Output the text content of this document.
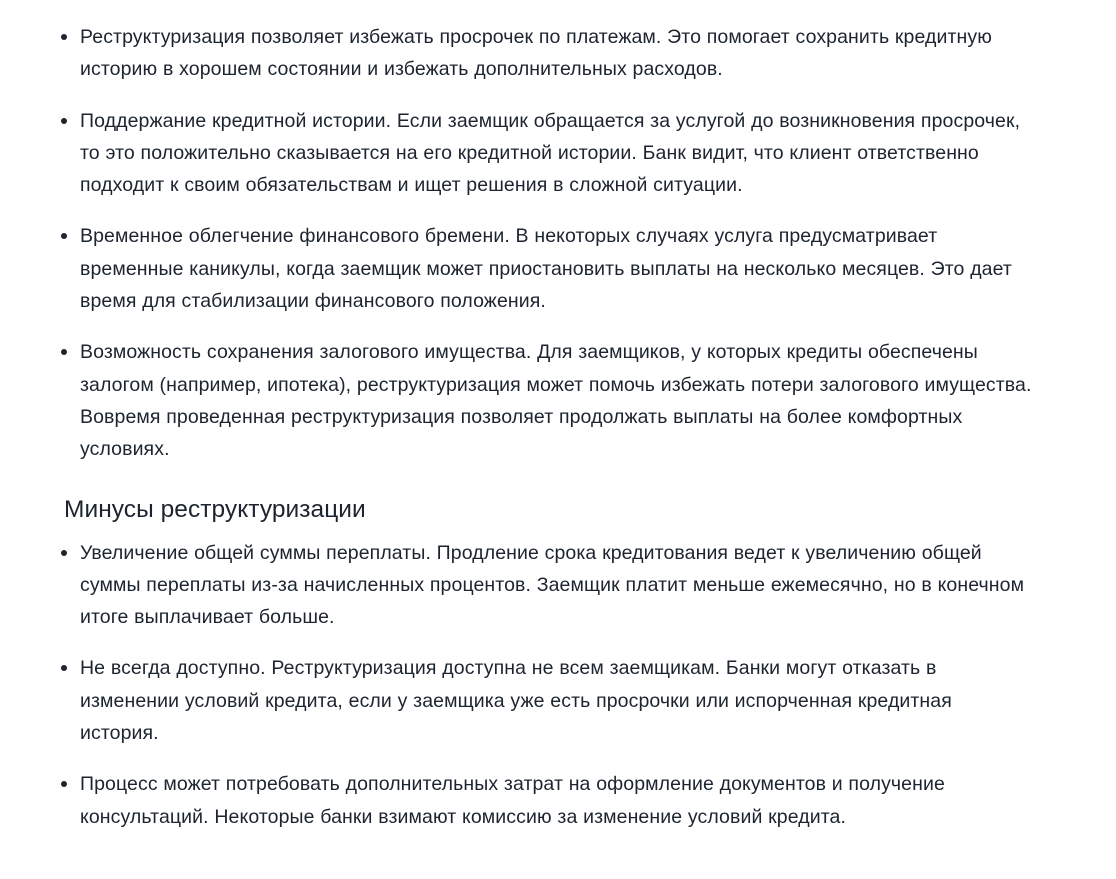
Реструктуризация позволяет избежать просрочек по платежам. Это помогает сохранить кредитную историю в хорошем состоянии и избежать дополнительных расходов.
Поддержание кредитной истории. Если заемщик обращается за услугой до возникновения просрочек, то это положительно сказывается на его кредитной истории. Банк видит, что клиент ответственно подходит к своим обязательствам и ищет решения в сложной ситуации.
Временное облегчение финансового бремени. В некоторых случаях услуга предусматривает временные каникулы, когда заемщик может приостановить выплаты на несколько месяцев. Это дает время для стабилизации финансового положения.
Возможность сохранения залогового имущества. Для заемщиков, у которых кредиты обеспечены залогом (например, ипотека), реструктуризация может помочь избежать потери залогового имущества. Вовремя проведенная реструктуризация позволяет продолжать выплаты на более комфортных условиях.
Минусы реструктуризации
Увеличение общей суммы переплаты. Продление срока кредитования ведет к увеличению общей суммы переплаты из-за начисленных процентов. Заемщик платит меньше ежемесячно, но в конечном итоге выплачивает больше.
Не всегда доступно. Реструктуризация доступна не всем заемщикам. Банки могут отказать в изменении условий кредита, если у заемщика уже есть просрочки или испорченная кредитная история.
Процесс может потребовать дополнительных затрат на оформление документов и получение консультаций. Некоторые банки взимают комиссию за изменение условий кредита.
